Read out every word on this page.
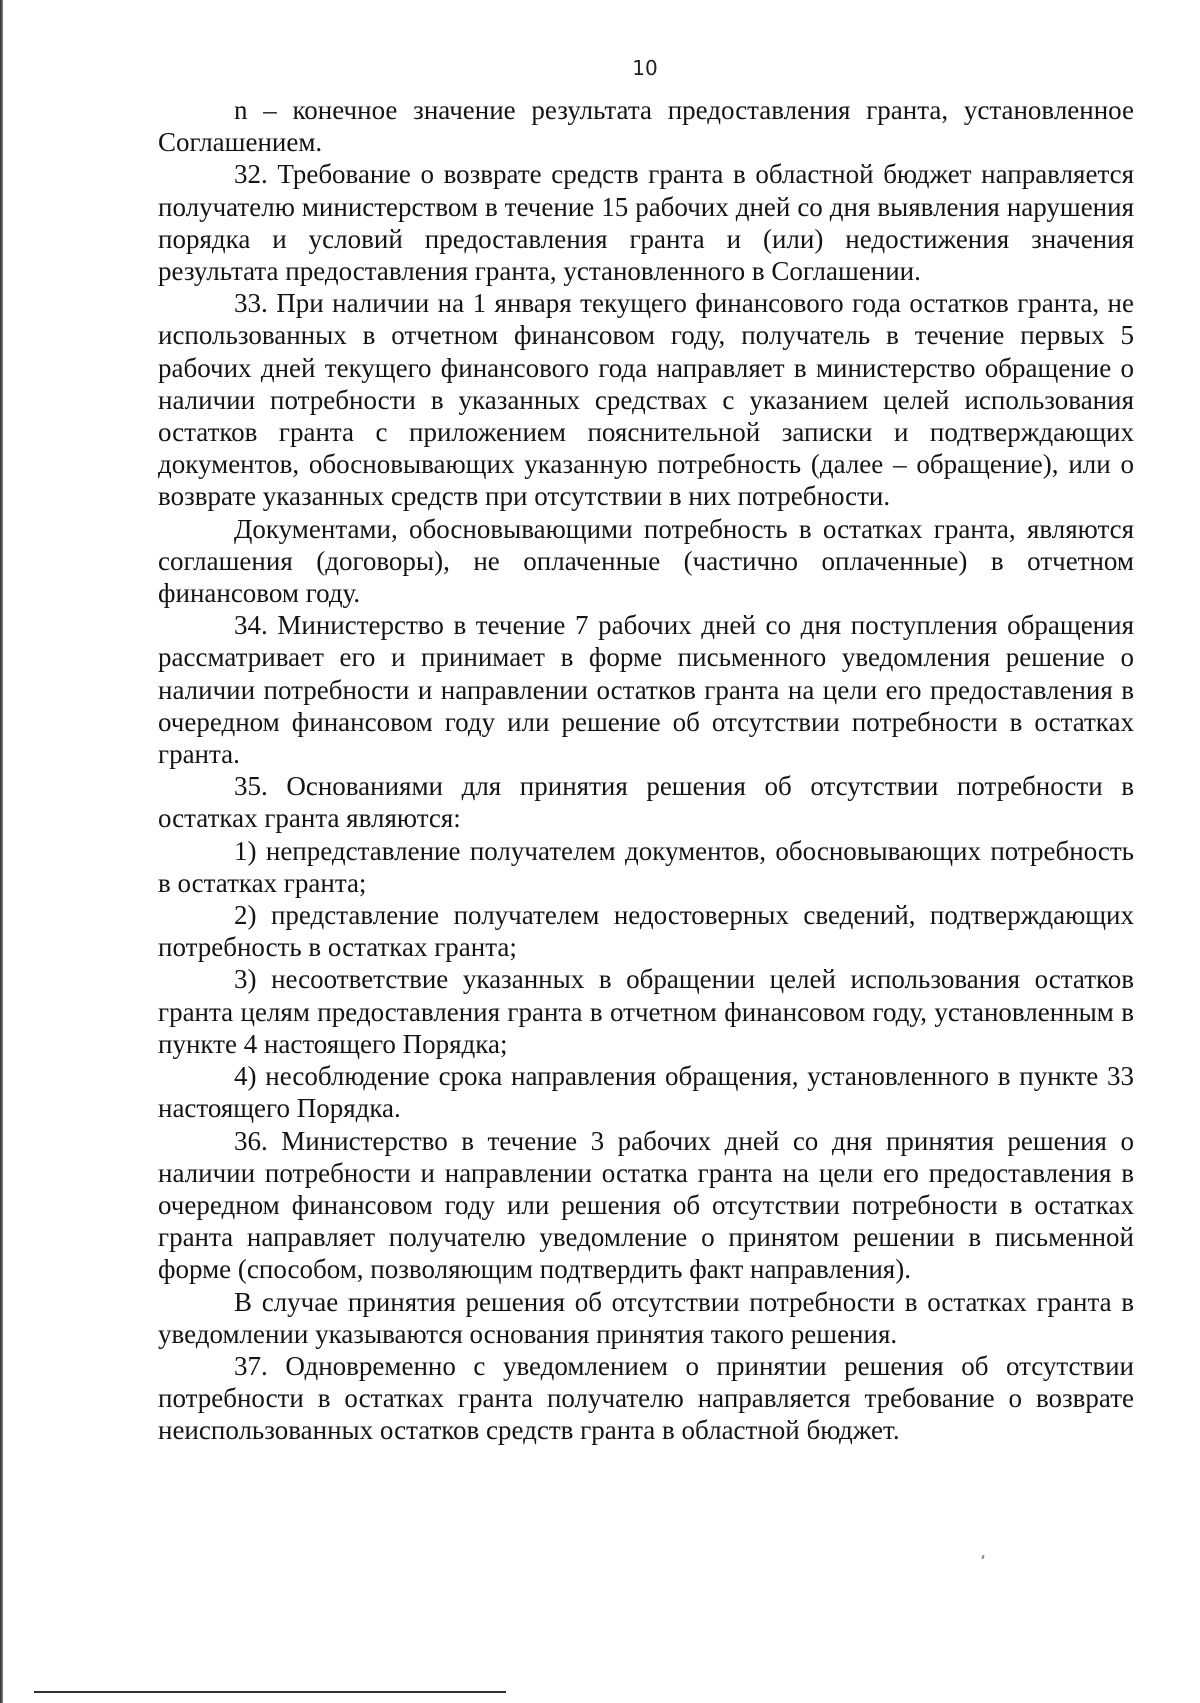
10

n – конечное значение результата предоставления гранта, установленное Соглашением.

32. Требование о возврате средств гранта в областной бюджет направляется получателю министерством в течение 15 рабочих дней со дня выявления нарушения порядка и условий предоставления гранта и (или) недостижения значения результата предоставления гранта, установленного в Соглашении.

33. При наличии на 1 января текущего финансового года остатков гранта, не использованных в отчетном финансовом году, получатель в течение первых 5 рабочих дней текущего финансового года направляет в министерство обращение о наличии потребности в указанных средствах с указанием целей использования остатков гранта с приложением пояснительной записки и подтверждающих документов, обосновывающих указанную потребность (далее – обращение), или о возврате указанных средств при отсутствии в них потребности.

Документами, обосновывающими потребность в остатках гранта, являются соглашения (договоры), не оплаченные (частично оплаченные) в отчетном финансовом году.

34. Министерство в течение 7 рабочих дней со дня поступления обращения рассматривает его и принимает в форме письменного уведомления решение о наличии потребности и направлении остатков гранта на цели его предоставления в очередном финансовом году или решение об отсутствии потребности в остатках гранта.

35. Основаниями для принятия решения об отсутствии потребности в остатках гранта являются:

1) непредставление получателем документов, обосновывающих потребность в остатках гранта;

2) представление получателем недостоверных сведений, подтверждающих потребность в остатках гранта;

3) несоответствие указанных в обращении целей использования остатков гранта целям предоставления гранта в отчетном финансовом году, установленным в пункте 4 настоящего Порядка;

4) несоблюдение срока направления обращения, установленного в пункте 33 настоящего Порядка.

36. Министерство в течение 3 рабочих дней со дня принятия решения о наличии потребности и направлении остатка гранта на цели его предоставления в очередном финансовом году или решения об отсутствии потребности в остатках гранта направляет получателю уведомление о принятом решении в письменной форме (способом, позволяющим подтвердить факт направления).

В случае принятия решения об отсутствии потребности в остатках гранта в уведомлении указываются основания принятия такого решения.

37. Одновременно с уведомлением о принятии решения об отсутствии потребности в остатках гранта получателю направляется требование о возврате неиспользованных остатков средств гранта в областной бюджет.
